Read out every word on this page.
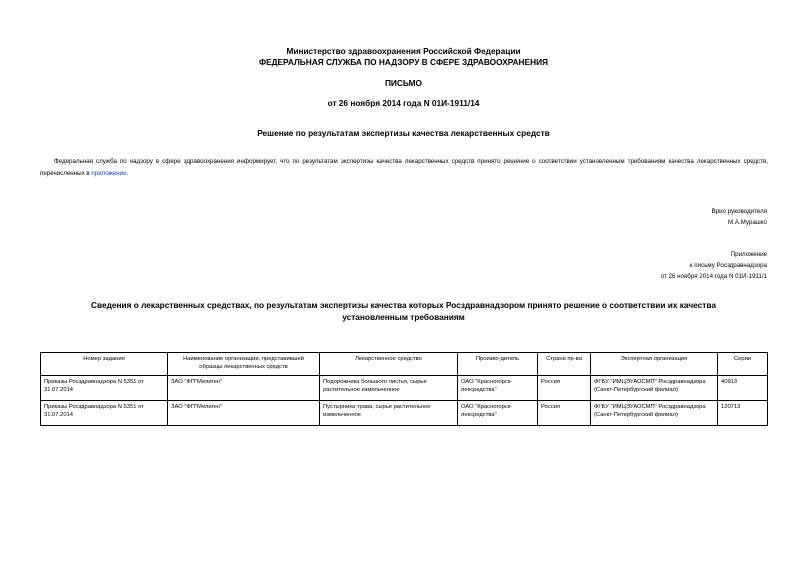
Министерство здравоохранения Российской Федерации
ФЕДЕРАЛЬНАЯ СЛУЖБА ПО НАДЗОРУ В СФЕРЕ ЗДРАВООХРАНЕНИЯ
ПИСЬМО
от 26 ноября 2014 года N 01И-1911/14
Решение по результатам экспертизы качества лекарственных средств
Федеральная служба по надзору в сфере здравоохранения информирует, что по результатам экспертизы качества лекарственных средств принято решение о соответствии установленным требованиям качества лекарственных средств, перечисленных в приложении.
Врио руководителя
М.А.Мурашко
Приложение
к письму Росздравнадзора
от 26 ноября 2014 года N 01И-1911/1
Сведения о лекарственных средствах, по результатам экспертизы качества которых Росздравнадзором принято решение о соответствии их качества установленным требованиям
Номер задания	Наименование организации, представившей образцы лекарственных средств	Лекарственное средство	Произво-дитель	Страна пр-ва	Экспертная организация	Серии
Приказы Росздравнадзора N 5351 от 31.07.2014	ЗАО "ФП"Мелиген"	Подорожника большого листья, сырье растительное измельченное	ОАО "Красногорск-лексредства"	Россия	ФГБУ "ИМЦЭУАОСМП" Росздравнадзора (Санкт-Петербургский филиал)	40913
Приказы Росздравнадзора N 5351 от 31.07.2014	ЗАО "ФП"Мелиген"	Пустырника трава, сырье растительное измельченное	ОАО "Красногорск-лексредства"	Россия	ФГБУ "ИМЦЭУАОСМП" Росздравнадзора (Санкт-Петербургский филиал)	120713
